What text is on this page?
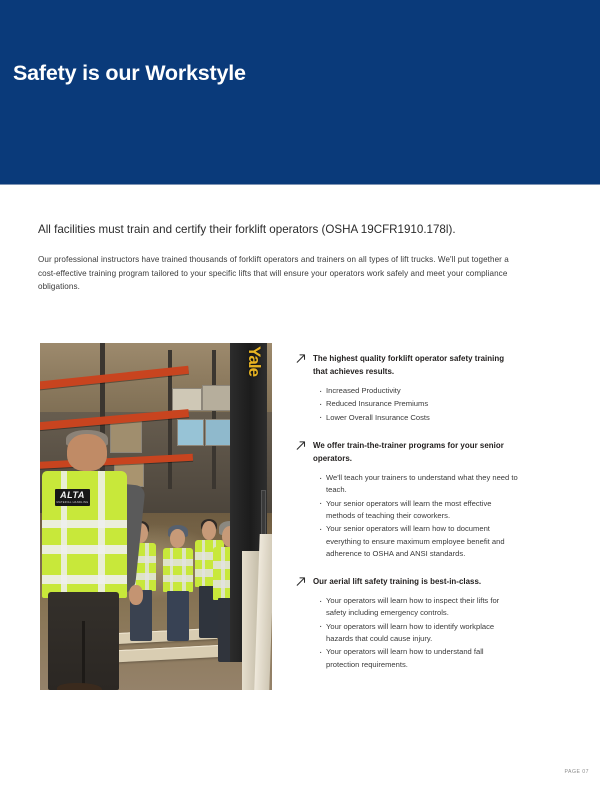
Safety is our Workstyle

All facilities must train and certify their forklift operators (OSHA 19CFR1910.178l).

Our professional instructors have trained thousands of forklift operators and trainers on all types of lift trucks. We'll put together a cost-effective training program tailored to your specific lifts that will ensure your operators work safely and meet your compliance obligations.

Yale
ALTA
MATERIAL HANDLING
The highest quality forklift operator safety training that achieves results.
· Increased Productivity
· Reduced Insurance Premiums
· Lower Overall Insurance Costs
We offer train-the-trainer programs for your senior operators.
· We'll teach your trainers to understand what they need to teach.
· Your senior operators will learn the most effective methods of teaching their coworkers.
· Your senior operators will learn how to document everything to ensure maximum employee benefit and adherence to OSHA and ANSI standards.
Our aerial lift safety training is best-in-class.
· Your operators will learn how to inspect their lifts for safety including emergency controls.
· Your operators will learn how to identify workplace hazards that could cause injury.
· Your operators will learn how to understand fall protection requirements.
PAGE 07
